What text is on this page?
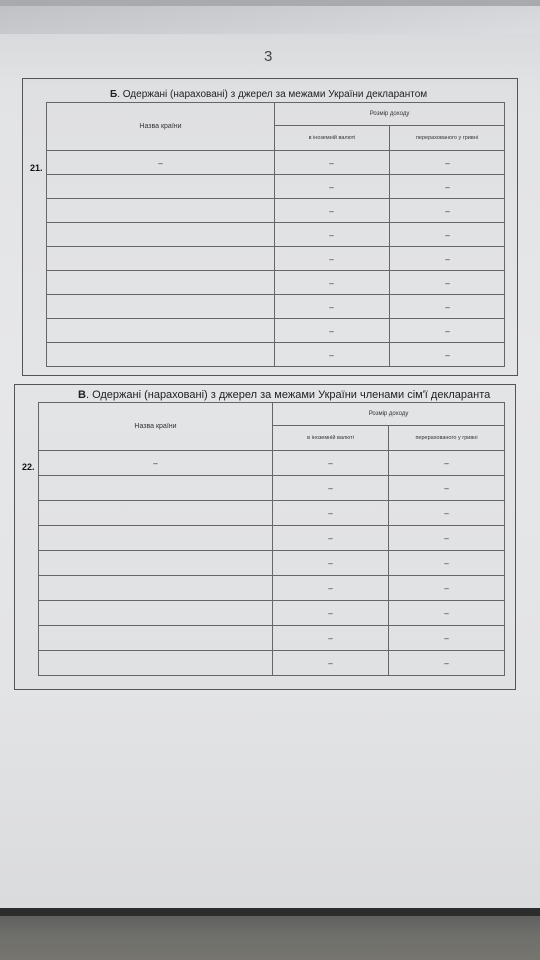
3
Б. Одержані (нараховані) з джерел за межами України декларантом
21.
Назва країни	Розмір доходу	
	в іноземній валюті	перерахованого у гривні
–	–	–
	–	–
	–	–
	–	–
	–	–
	–	–
	–	–
	–	–
	–	–
В. Одержані (нараховані) з джерел за межами України членами сім'ї декларанта
22.
Назва країни	Розмір доходу	
	в іноземній валюті	перерахованого у гривні
–	–	–
	–	–
	–	–
	–	–
	–	–
	–	–
	–	–
	–	–
	–	–
